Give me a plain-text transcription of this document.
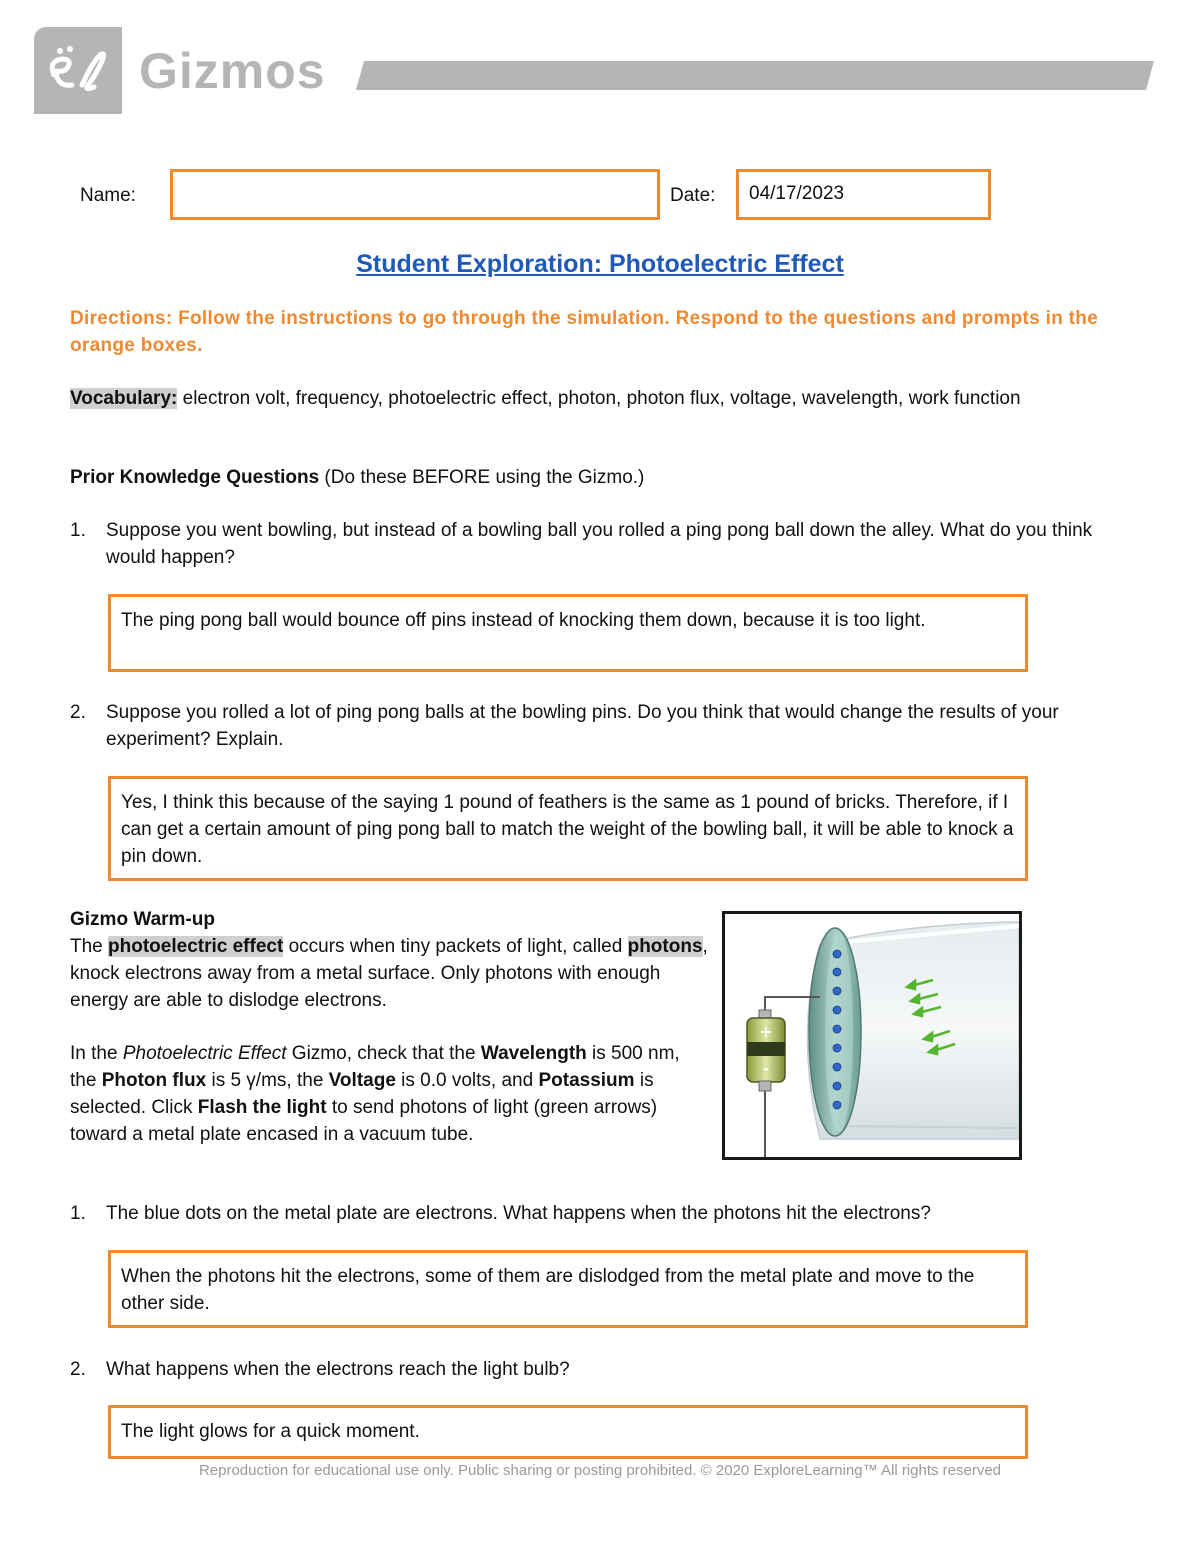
Gizmos
Name:	Date:	04/17/2023
Student Exploration: Photoelectric Effect
Directions: Follow the instructions to go through the simulation. Respond to the questions and prompts in the orange boxes.
Vocabulary: electron volt, frequency, photoelectric effect, photon, photon flux, voltage, wavelength, work function
Prior Knowledge Questions (Do these BEFORE using the Gizmo.)
1. Suppose you went bowling, but instead of a bowling ball you rolled a ping pong ball down the alley. What do you think would happen?
The ping pong ball would bounce off pins instead of knocking them down, because it is too light.
2. Suppose you rolled a lot of ping pong balls at the bowling pins. Do you think that would change the results of your experiment? Explain.
Yes, I think this because of the saying 1 pound of feathers is the same as 1 pound of bricks. Therefore, if I can get a certain amount of ping pong ball to match the weight of the bowling ball, it will be able to knock a pin down.
Gizmo Warm-up
The photoelectric effect occurs when tiny packets of light, called photons, knock electrons away from a metal surface. Only photons with enough energy are able to dislodge electrons.
In the Photoelectric Effect Gizmo, check that the Wavelength is 500 nm, the Photon flux is 5 γ/ms, the Voltage is 0.0 volts, and Potassium is selected. Click Flash the light to send photons of light (green arrows) toward a metal plate encased in a vacuum tube.
+
-
1. The blue dots on the metal plate are electrons. What happens when the photons hit the electrons?
When the photons hit the electrons, some of them are dislodged from the metal plate and move to the other side.
2. What happens when the electrons reach the light bulb?
The light glows for a quick moment.
Reproduction for educational use only. Public sharing or posting prohibited. © 2020 ExploreLearning™ All rights reserved
